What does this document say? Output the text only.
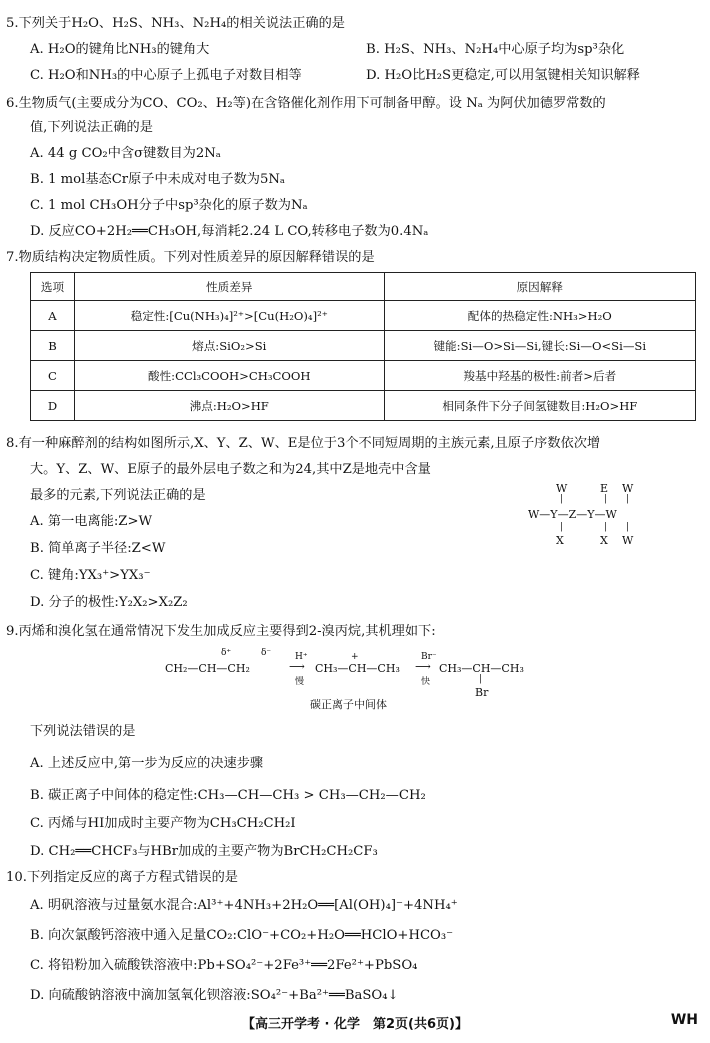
5.下列关于H₂O、H₂S、NH₃、N₂H₄的相关说法正确的是
A. H₂O的键角比NH₃的键角大	B. H₂S、NH₃、N₂H₄中心原子均为sp³杂化
C. H₂O和NH₃的中心原子上孤电子对数目相等	D. H₂O比H₂S更稳定,可以用氢键相关知识解释
6.生物质气(主要成分为CO、CO₂、H₂等)在含铬催化剂作用下可制备甲醇。设 Nₐ 为阿伏加德罗常数的
值,下列说法正确的是
A. 44 g CO₂中含σ键数目为2Nₐ
B. 1 mol基态Cr原子中未成对电子数为5Nₐ
C. 1 mol CH₃OH分子中sp³杂化的原子数为Nₐ
D. 反应CO+2H₂══CH₃OH,每消耗2.24 L CO,转移电子数为0.4Nₐ
7.物质结构决定物质性质。下列对性质差异的原因解释错误的是
选项	性质差异	原因解释
A	稳定性:[Cu(NH₃)₄]²⁺>[Cu(H₂O)₄]²⁺	配体的热稳定性:NH₃>H₂O
B	熔点:SiO₂>Si	键能:Si—O>Si—Si,键长:Si—O<Si—Si
C	酸性:CCl₃COOH>CH₃COOH	羧基中羟基的极性:前者>后者
D	沸点:H₂O>HF	相同条件下分子间氢键数目:H₂O>HF
8.有一种麻醉剂的结构如图所示,X、Y、Z、W、E是位于3个不同短周期的主族元素,且原子序数依次增
大。Y、Z、W、E原子的最外层电子数之和为24,其中Z是地壳中含量
最多的元素,下列说法正确的是
A. 第一电离能:Z>W
B. 简单离子半径:Z<W
C. 键角:YX₃⁺>YX₃⁻
D. 分子的极性:Y₂X₂>X₂Z₂
W	E W
|	| |
W—Y—Z—Y—W
|	| |
X	X W
9.丙烯和溴化氢在通常情况下发生加成反应主要得到2-溴丙烷,其机理如下:
δ⁺	δ⁻
CH₂—CH—CH₂
H⁺
⟶
慢
+
CH₃—CH—CH₃
Br⁻
⟶
快
CH₃—CH—CH₃
|
Br
碳正离子中间体
下列说法错误的是
A. 上述反应中,第一步为反应的决速步骤
B. 碳正离子中间体的稳定性:CH₃—CH—CH₃ > CH₃—CH₂—CH₂
C. 丙烯与HI加成时主要产物为CH₃CH₂CH₂I
D. CH₂══CHCF₃与HBr加成的主要产物为BrCH₂CH₂CF₃
10.下列指定反应的离子方程式错误的是
A. 明矾溶液与过量氨水混合:Al³⁺+4NH₃+2H₂O══[Al(OH)₄]⁻+4NH₄⁺
B. 向次氯酸钙溶液中通入足量CO₂:ClO⁻+CO₂+H₂O══HClO+HCO₃⁻
C. 将铅粉加入硫酸铁溶液中:Pb+SO₄²⁻+2Fe³⁺══2Fe²⁺+PbSO₄
D. 向硫酸钠溶液中滴加氢氧化钡溶液:SO₄²⁻+Ba²⁺══BaSO₄↓
【高三开学考 · 化学　第2页(共6页)】	WH
